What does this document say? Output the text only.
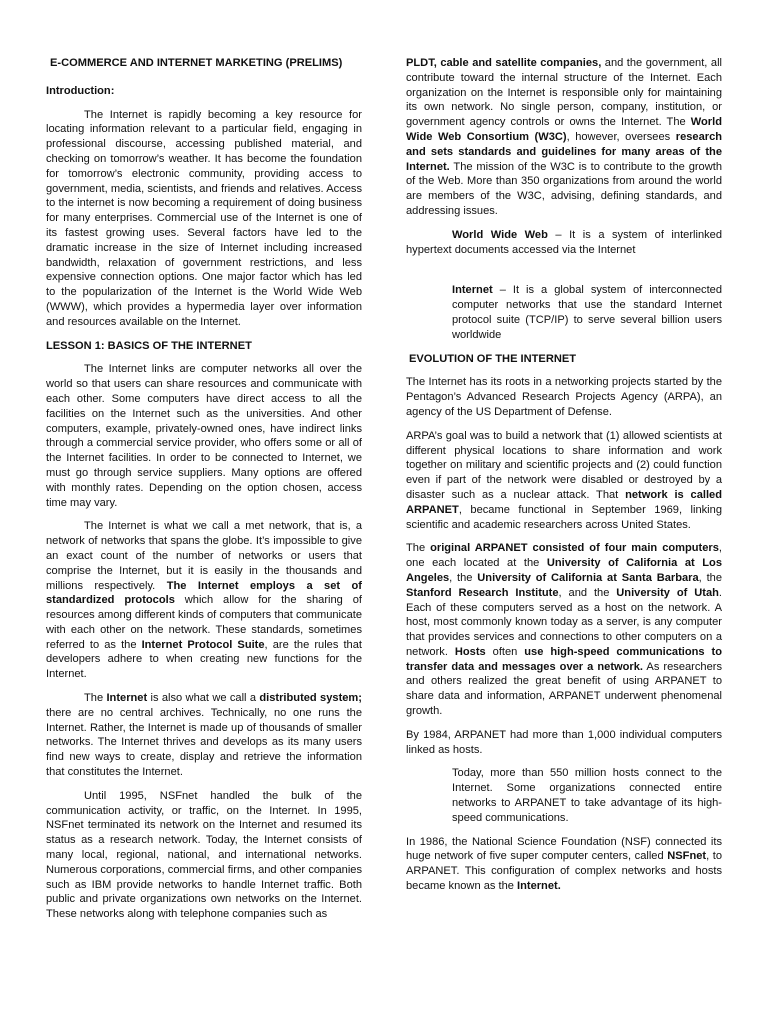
E-COMMERCE AND INTERNET MARKETING (PRELIMS)
Introduction:

The Internet is rapidly becoming a key resource for locating information relevant to a particular field, engaging in professional discourse, accessing published material, and checking on tomorrow’s weather. It has become the foundation for tomorrow’s electronic community, providing access to government, media, scientists, and friends and relatives. Access to the internet is now becoming a requirement of doing business for many enterprises. Commercial use of the Internet is one of its fastest growing uses. Several factors have led to the dramatic increase in the size of Internet including increased bandwidth, relaxation of government restrictions, and less expensive connection options. One major factor which has led to the popularization of the Internet is the World Wide Web (WWW), which provides a hypermedia layer over information and resources available on the Internet.

LESSON 1: BASICS OF THE INTERNET

The Internet links are computer networks all over the world so that users can share resources and communicate with each other. Some computers have direct access to all the facilities on the Internet such as the universities. And other computers, example, privately-owned ones, have indirect links through a commercial service provider, who offers some or all of the Internet facilities. In order to be connected to Internet, we must go through service suppliers. Many options are offered with monthly rates. Depending on the option chosen, access time may vary.

The Internet is what we call a met network, that is, a network of networks that spans the globe. It’s impossible to give an exact count of the number of networks or users that comprise the Internet, but it is easily in the thousands and millions respectively. The Internet employs a set of standardized protocols which allow for the sharing of resources among different kinds of computers that communicate with each other on the network. These standards, sometimes referred to as the Internet Protocol Suite, are the rules that developers adhere to when creating new functions for the Internet.

The Internet is also what we call a distributed system; there are no central archives. Technically, no one runs the Internet. Rather, the Internet is made up of thousands of smaller networks. The Internet thrives and develops as its many users find new ways to create, display and retrieve the information that constitutes the Internet.

Until 1995, NSFnet handled the bulk of the communication activity, or traffic, on the Internet. In 1995, NSFnet terminated its network on the Internet and resumed its status as a research network. Today, the Internet consists of many local, regional, national, and international networks. Numerous corporations, commercial firms, and other companies such as IBM provide networks to handle Internet traffic. Both public and private organizations own networks on the Internet. These networks along with telephone companies such as

PLDT, cable and satellite companies, and the government, all contribute toward the internal structure of the Internet. Each organization on the Internet is responsible only for maintaining its own network. No single person, company, institution, or government agency controls or owns the Internet. The World Wide Web Consortium (W3C), however, oversees research and sets standards and guidelines for many areas of the Internet. The mission of the W3C is to contribute to the growth of the Web. More than 350 organizations from around the world are members of the W3C, advising, defining standards, and addressing issues.

World Wide Web – It is a system of interlinked hypertext documents accessed via the Internet

Internet – It is a global system of interconnected computer networks that use the standard Internet protocol suite (TCP/IP) to serve several billion users worldwide

EVOLUTION OF THE INTERNET

The Internet has its roots in a networking projects started by the Pentagon’s Advanced Research Projects Agency (ARPA), an agency of the US Department of Defense.

ARPA’s goal was to build a network that (1) allowed scientists at different physical locations to share information and work together on military and scientific projects and (2) could function even if part of the network were disabled or destroyed by a disaster such as a nuclear attack. That network is called ARPANET, became functional in September 1969, linking scientific and academic researchers across United States.

The original ARPANET consisted of four main computers, one each located at the University of California at Los Angeles, the University of California at Santa Barbara, the Stanford Research Institute, and the University of Utah. Each of these computers served as a host on the network. A host, most commonly known today as a server, is any computer that provides services and connections to other computers on a network. Hosts often use high-speed communications to transfer data and messages over a network. As researchers and others realized the great benefit of using ARPANET to share data and information, ARPANET underwent phenomenal growth.

By 1984, ARPANET had more than 1,000 individual computers linked as hosts.

Today, more than 550 million hosts connect to the Internet. Some organizations connected entire networks to ARPANET to take advantage of its high-speed communications.

In 1986, the National Science Foundation (NSF) connected its huge network of five super computer centers, called NSFnet, to ARPANET. This configuration of complex networks and hosts became known as the Internet.
